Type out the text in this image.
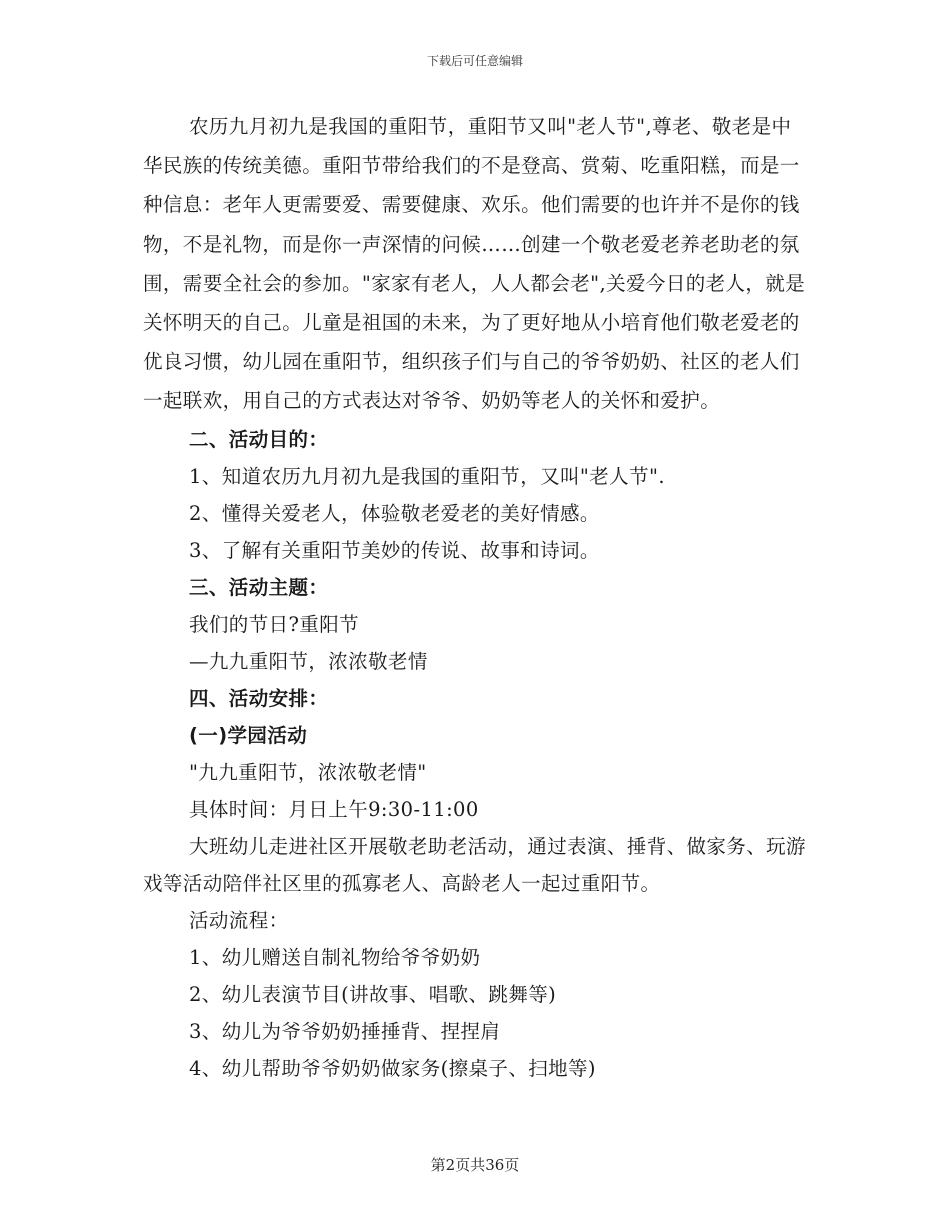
下载后可任意编辑

农历九月初九是我国的重阳节，重阳节又叫"老人节",尊老、敬老是中华民族的传统美德。重阳节带给我们的不是登高、赏菊、吃重阳糕，而是一种信息：老年人更需要爱、需要健康、欢乐。他们需要的也许并不是你的钱物，不是礼物，而是你一声深情的问候……创建一个敬老爱老养老助老的氛围，需要全社会的参加。"家家有老人，人人都会老",关爱今日的老人，就是关怀明天的自己。儿童是祖国的未来，为了更好地从小培育他们敬老爱老的优良习惯，幼儿园在重阳节，组织孩子们与自己的爷爷奶奶、社区的老人们一起联欢，用自己的方式表达对爷爷、奶奶等老人的关怀和爱护。

二、活动目的：

1、知道农历九月初九是我国的重阳节，又叫"老人节".

2、懂得关爱老人，体验敬老爱老的美好情感。

3、了解有关重阳节美妙的传说、故事和诗词。

三、活动主题：

我们的节日?重阳节

—九九重阳节，浓浓敬老情

四、活动安排：

(一)学园活动

"九九重阳节，浓浓敬老情"

具体时间：月日上午9:30-11:00

大班幼儿走进社区开展敬老助老活动，通过表演、捶背、做家务、玩游戏等活动陪伴社区里的孤寡老人、高龄老人一起过重阳节。

活动流程：

1、幼儿赠送自制礼物给爷爷奶奶

2、幼儿表演节目(讲故事、唱歌、跳舞等)

3、幼儿为爷爷奶奶捶捶背、捏捏肩

4、幼儿帮助爷爷奶奶做家务(擦桌子、扫地等)

第2页共36页
